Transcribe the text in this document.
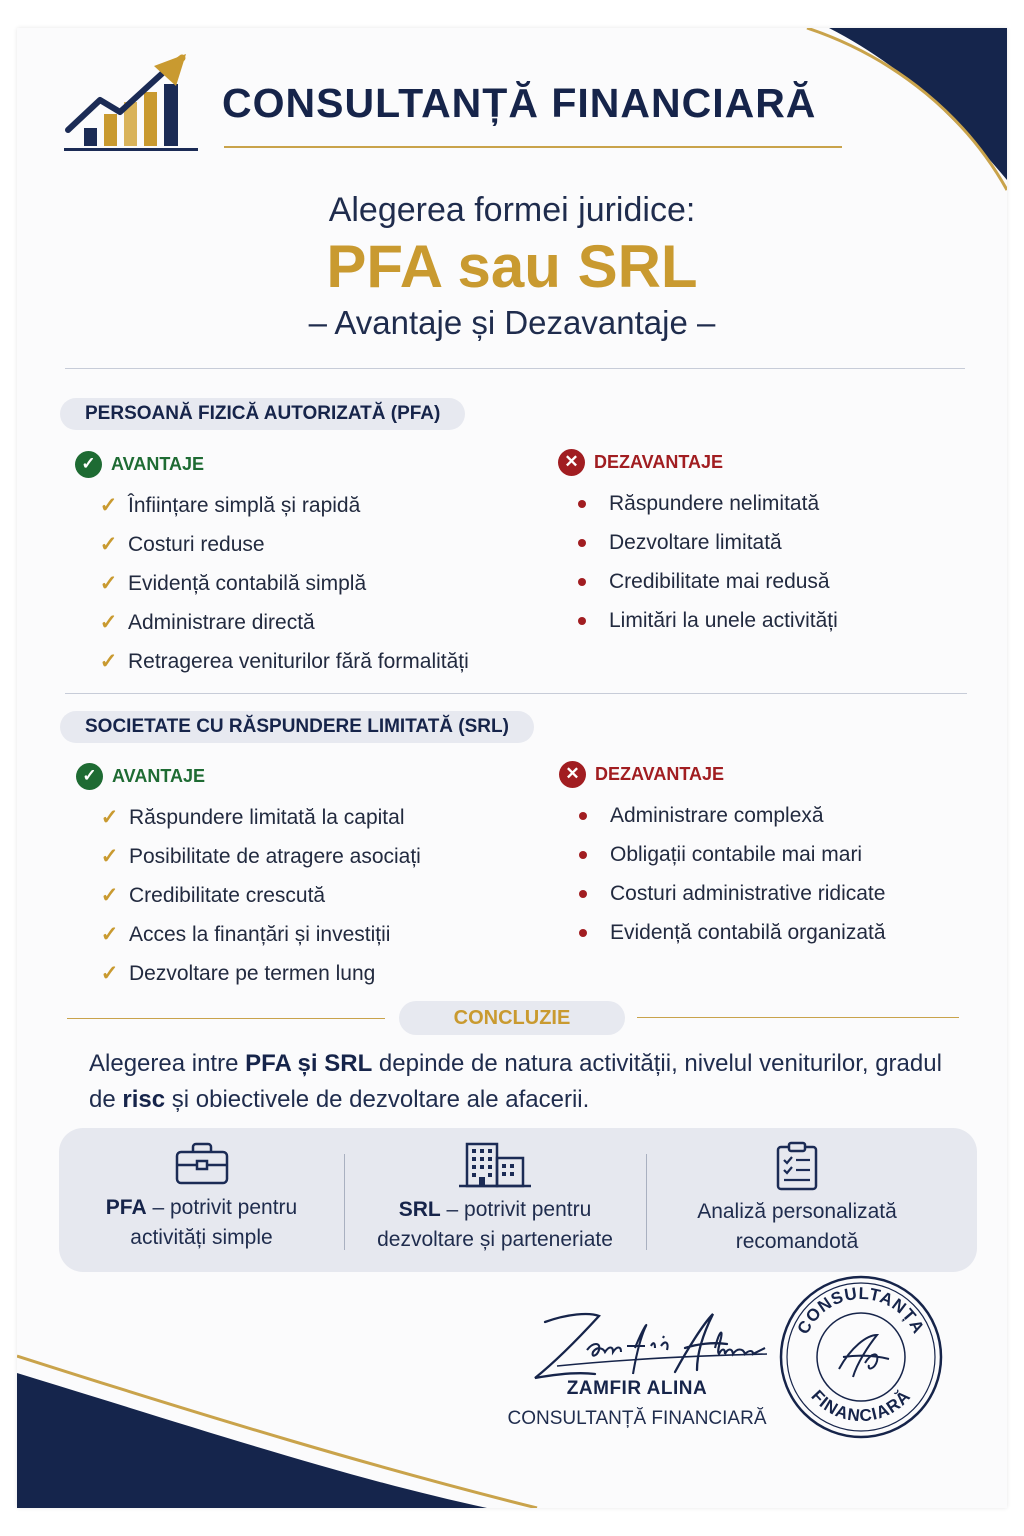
CONSULTANȚĂ FINANCIARĂ
Alegerea formei juridice:
PFA sau SRL
– Avantaje și Dezavantaje –
PERSOANĂ FIZICĂ AUTORIZATĂ (PFA)
✓ AVANTAJE
✓ Înființare simplă și rapidă
✓ Costuri reduse
✓ Evidență contabilă simplă
✓ Administrare directă
✓ Retragerea veniturilor fără formalități
✕ DEZAVANTAJE
Răspundere nelimitată
Dezvoltare limitată
Credibilitate mai redusă
Limitări la unele activități
SOCIETATE CU RĂSPUNDERE LIMITATĂ (SRL)
✓ AVANTAJE
✓ Răspundere limitată la capital
✓ Posibilitate de atragere asociați
✓ Credibilitate crescută
✓ Acces la finanțări și investiții
✓ Dezvoltare pe termen lung
✕ DEZAVANTAJE
Administrare complexă
Obligații contabile mai mari
Costuri administrative ridicate
Evidență contabilă organizată
CONCLUZIE
Alegerea intre PFA și SRL depinde de natura activității, nivelul veniturilor, gradul de risc și obiectivele de dezvoltare ale afacerii.
PFA – potrivit pentru
activități simple
SRL – potrivit pentru
dezvoltare și parteneriate
Analiză personalizată
recomandotă
ZAMFIR ALINA
CONSULTANȚĂ FINANCIARĂ
CONSULTANȚA
FINANCIARĂ
